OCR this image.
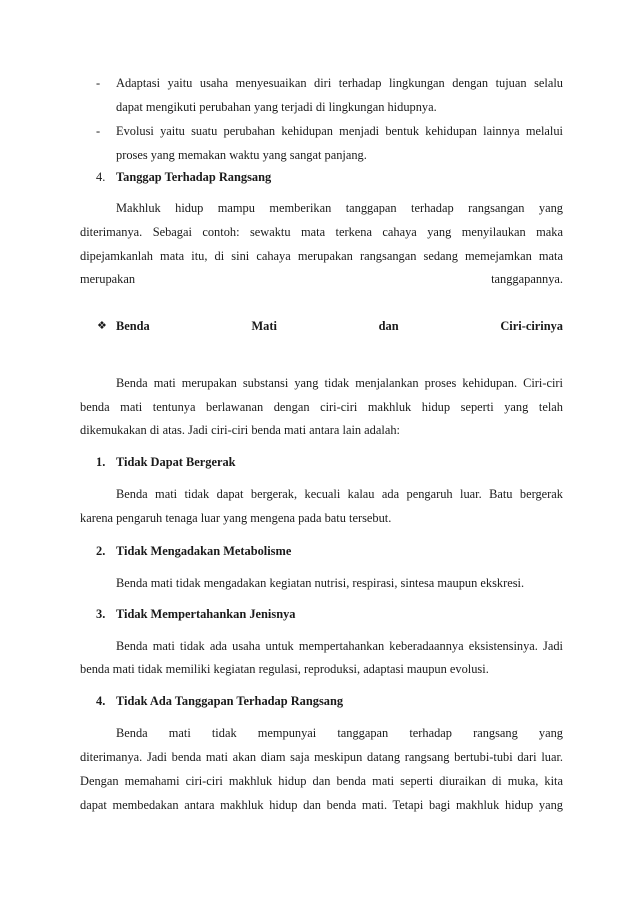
- Adaptasi yaitu usaha menyesuaikan diri terhadap lingkungan dengan tujuan selalu
dapat mengikuti perubahan yang terjadi di lingkungan hidupnya.
- Evolusi yaitu suatu perubahan kehidupan menjadi bentuk kehidupan lainnya melalui
proses yang memakan waktu yang sangat panjang.
4. Tanggap Terhadap Rangsang
Makhluk hidup mampu memberikan tanggapan terhadap rangsangan yang
diterimanya. Sebagai contoh: sewaktu mata terkena cahaya yang menyilaukan maka
dipejamkanlah mata itu, di sini cahaya merupakan rangsangan sedang memejamkan mata
merupakan	tanggapannya.
❖ Benda	Mati	dan	Ciri-cirinya
Benda mati merupakan substansi yang tidak menjalankan proses kehidupan. Ciri-ciri
benda mati tentunya berlawanan dengan ciri-ciri makhluk hidup seperti yang telah
dikemukakan di atas. Jadi ciri-ciri benda mati antara lain adalah:
1. Tidak Dapat Bergerak
Benda mati tidak dapat bergerak, kecuali kalau ada pengaruh luar. Batu bergerak
karena pengaruh tenaga luar yang mengena pada batu tersebut.
2. Tidak Mengadakan Metabolisme
Benda mati tidak mengadakan kegiatan nutrisi, respirasi, sintesa maupun ekskresi.
3. Tidak Mempertahankan Jenisnya
Benda mati tidak ada usaha untuk mempertahankan keberadaannya eksistensinya. Jadi
benda mati tidak memiliki kegiatan regulasi, reproduksi, adaptasi maupun evolusi.
4. Tidak Ada Tanggapan Terhadap Rangsang
Benda mati tidak mempunyai tanggapan terhadap rangsang yang
diterimanya. Jadi benda mati akan diam saja meskipun datang rangsang bertubi-tubi dari luar.
Dengan memahami ciri-ciri makhluk hidup dan benda mati seperti diuraikan di muka, kita
dapat membedakan antara makhluk hidup dan benda mati. Tetapi bagi makhluk hidup yang
